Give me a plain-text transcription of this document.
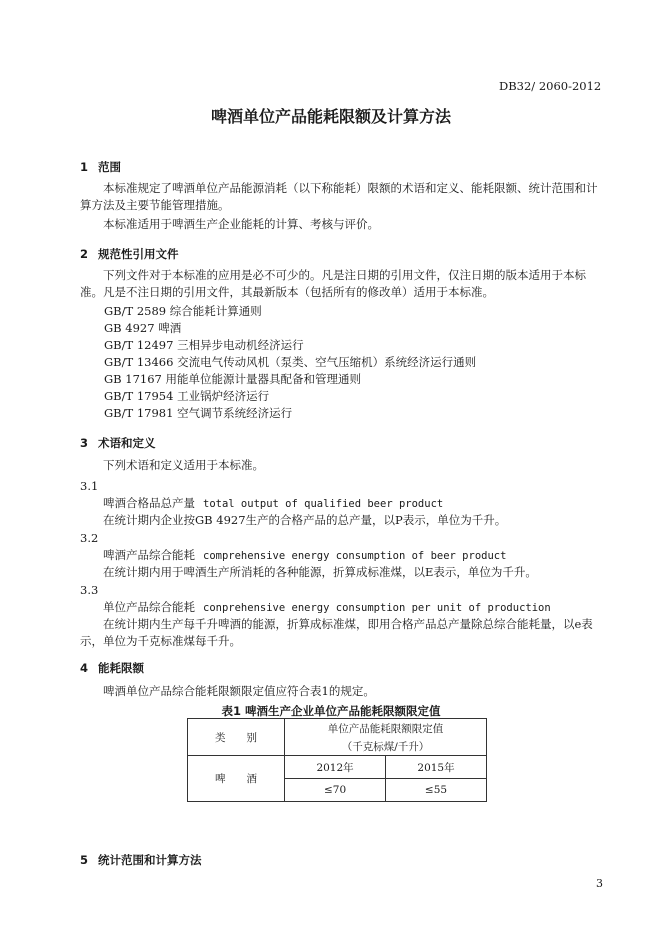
DB32/ 2060-2012
啤酒单位产品能耗限额及计算方法
1 范围
本标准规定了啤酒单位产品能源消耗（以下称能耗）限额的术语和定义、能耗限额、统计范围和计算方法及主要节能管理措施。
本标准适用于啤酒生产企业能耗的计算、考核与评价。
2 规范性引用文件
下列文件对于本标准的应用是必不可少的。凡是注日期的引用文件，仅注日期的版本适用于本标准。凡是不注日期的引用文件，其最新版本（包括所有的修改单）适用于本标准。
GB/T 2589 综合能耗计算通则
GB 4927 啤酒
GB/T 12497 三相异步电动机经济运行
GB/T 13466 交流电气传动风机（泵类、空气压缩机）系统经济运行通则
GB 17167 用能单位能源计量器具配备和管理通则
GB/T 17954 工业锅炉经济运行
GB/T 17981 空气调节系统经济运行
3 术语和定义
下列术语和定义适用于本标准。
3.1
啤酒合格品总产量 total output of qualified beer product
在统计期内企业按GB 4927生产的合格产品的总产量，以P表示，单位为千升。
3.2
啤酒产品综合能耗 comprehensive energy consumption of beer product
在统计期内用于啤酒生产所消耗的各种能源，折算成标准煤，以E表示，单位为千升。
3.3
单位产品综合能耗 conprehensive energy consumption per unit of production
在统计期内生产每千升啤酒的能源，折算成标准煤，即用合格产品总产量除总综合能耗量，以e表示，单位为千克标准煤每千升。
4 能耗限额
啤酒单位产品综合能耗限额限定值应符合表1的规定。
表1 啤酒生产企业单位产品能耗限额限定值
类　　别	单位产品能耗限额限定值	
	（千克标煤/千升）	
啤　　酒	2012年	2015年
	≤70	≤55
5 统计范围和计算方法
3
